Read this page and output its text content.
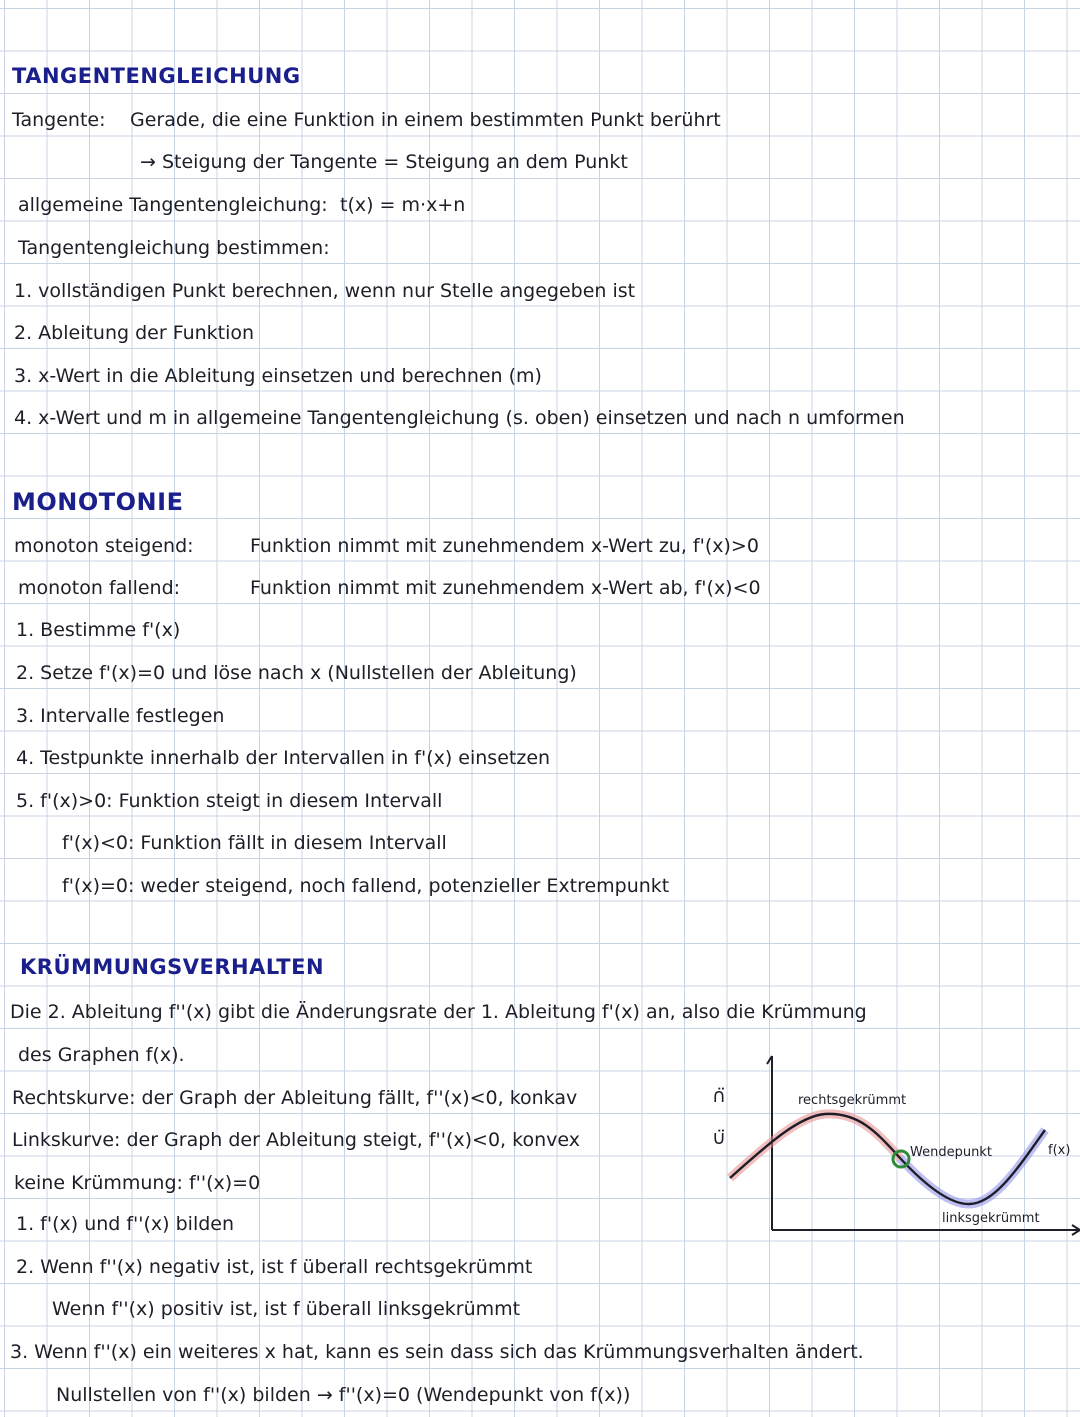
TANGENTENGLEICHUNG
Tangente: Gerade, die eine Funktion in einem bestimmten Punkt berührt
→ Steigung der Tangente = Steigung an dem Punkt
allgemeine Tangentengleichung: t(x) = m·x+n
Tangentengleichung bestimmen:
1. vollständigen Punkt berechnen, wenn nur Stelle angegeben ist
2. Ableitung der Funktion
3. x-Wert in die Ableitung einsetzen und berechnen (m)
4. x-Wert und m in allgemeine Tangentengleichung (s. oben) einsetzen und nach n umformen
MONOTONIE
monoton steigend:	Funktion nimmt mit zunehmendem x-Wert zu, f'(x)>0
monoton fallend:	Funktion nimmt mit zunehmendem x-Wert ab, f'(x)<0
1. Bestimme f'(x)
2. Setze f'(x)=0 und löse nach x (Nullstellen der Ableitung)
3. Intervalle festlegen
4. Testpunkte innerhalb der Intervallen in f'(x) einsetzen
5. f'(x)>0: Funktion steigt in diesem Intervall
f'(x)<0: Funktion fällt in diesem Intervall
f'(x)=0: weder steigend, noch fallend, potenzieller Extrempunkt
KRÜMMUNGSVERHALTEN
Die 2. Ableitung f''(x) gibt die Änderungsrate der 1. Ableitung f'(x) an, also die Krümmung
des Graphen f(x).
Rechtskurve: der Graph der Ableitung fällt, f''(x)<0, konkav
Linkskurve: der Graph der Ableitung steigt, f''(x)<0, konvex
keine Krümmung: f''(x)=0
∩̈
∪̈
1. f'(x) und f''(x) bilden
2. Wenn f''(x) negativ ist, ist f überall rechtsgekrümmt
Wenn f''(x) positiv ist, ist f überall linksgekrümmt
3. Wenn f''(x) ein weiteres x hat, kann es sein dass sich das Krümmungsverhalten ändert.
Nullstellen von f''(x) bilden → f''(x)=0 (Wendepunkt von f(x))
rechtsgekrümmt
Wendepunkt
linksgekrümmt
f(x)
